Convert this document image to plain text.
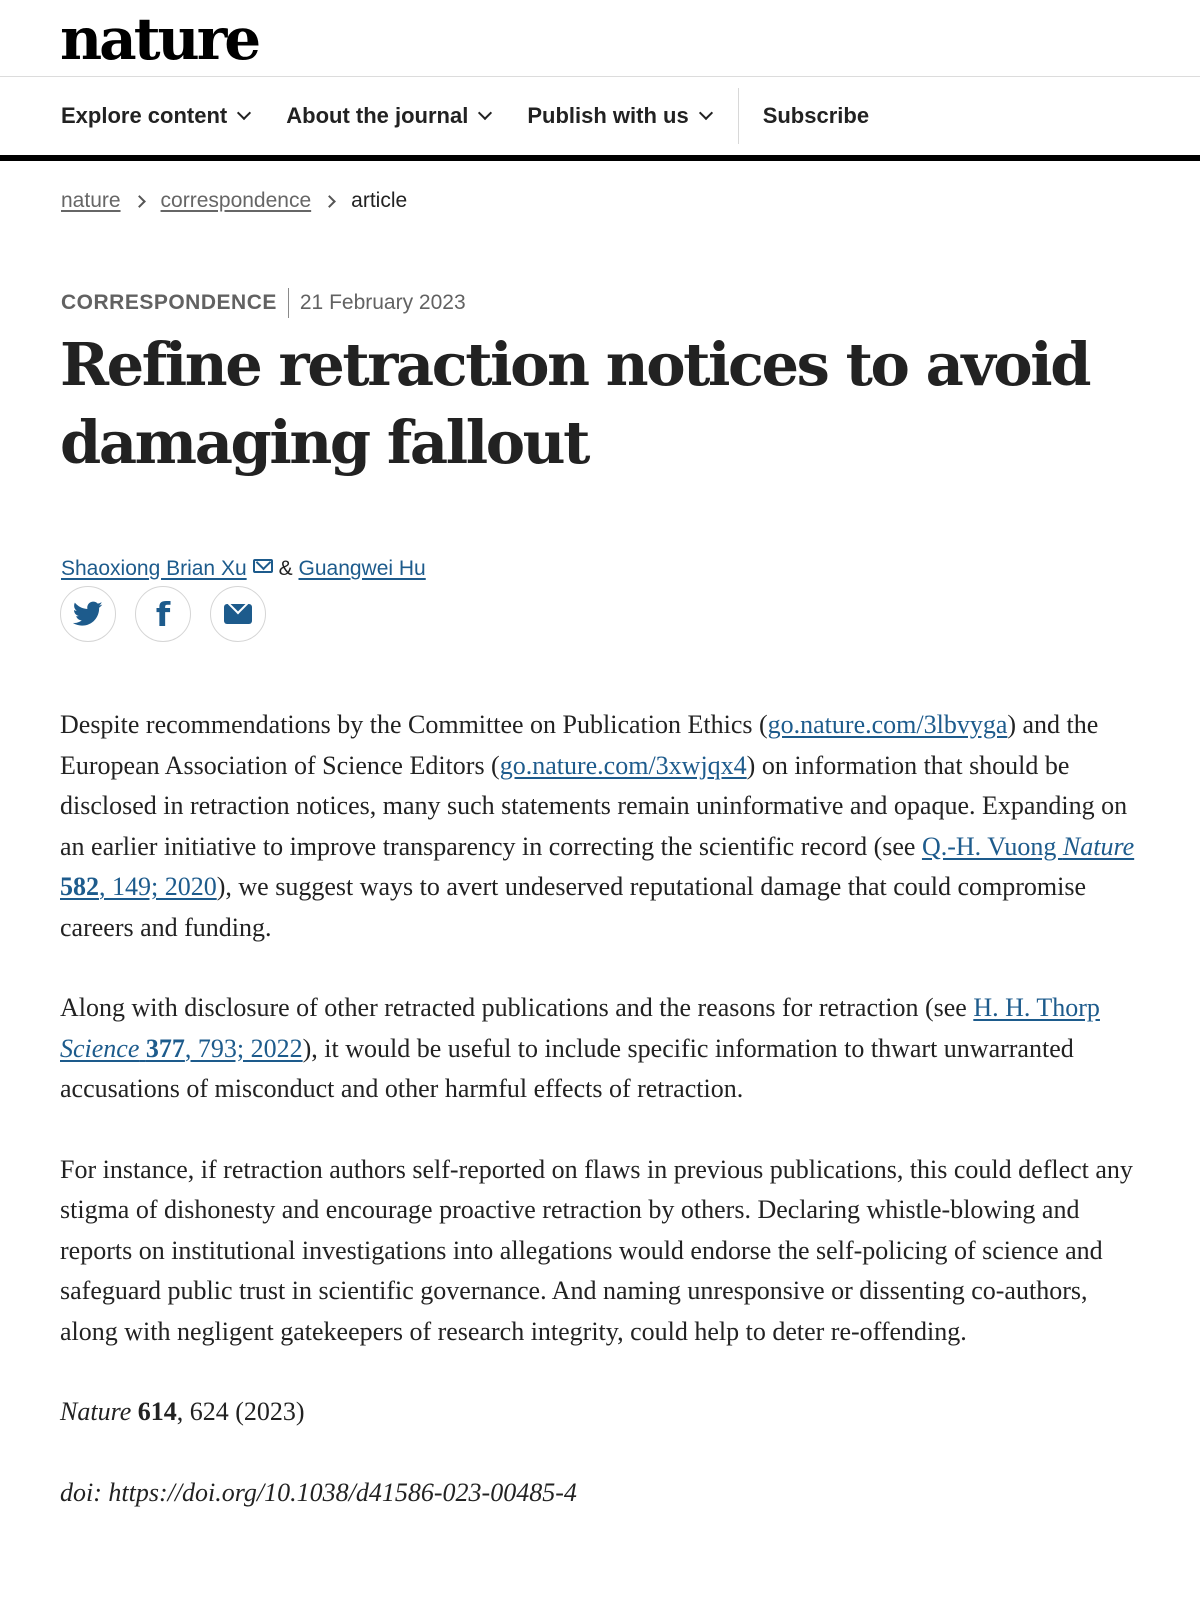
nature
Explore content	About the journal	Publish with us	Subscribe
nature correspondence article
CORRESPONDENCE 21 February 2023
Refine retraction notices to avoid damaging fallout
Shaoxiong Brian Xu &
Guangwei Hu
f

Despite recommendations by the Committee on Publication Ethics (go.nature.com/3lbvyga) and the European Association of Science Editors (go.nature.com/3xwjqx4) on information that should be disclosed in retraction notices, many such statements remain uninformative and opaque. Expanding on an earlier initiative to improve transparency in correcting the scientific record (see Q.-H. Vuong Nature 582, 149; 2020), we suggest ways to avert undeserved reputational damage that could compromise careers and funding.

Along with disclosure of other retracted publications and the reasons for retraction (see H. H. Thorp Science 377, 793; 2022), it would be useful to include specific information to thwart unwarranted accusations of misconduct and other harmful effects of retraction.

For instance, if retraction authors self-reported on flaws in previous publications, this could deflect any stigma of dishonesty and encourage proactive retraction by others. Declaring whistle-blowing and reports on institutional investigations into allegations would endorse the self-policing of science and safeguard public trust in scientific governance. And naming unresponsive or dissenting co-authors, along with negligent gatekeepers of research integrity, could help to deter re-offending.

Nature 614, 624 (2023)

doi: https://doi.org/10.1038/d41586-023-00485-4
